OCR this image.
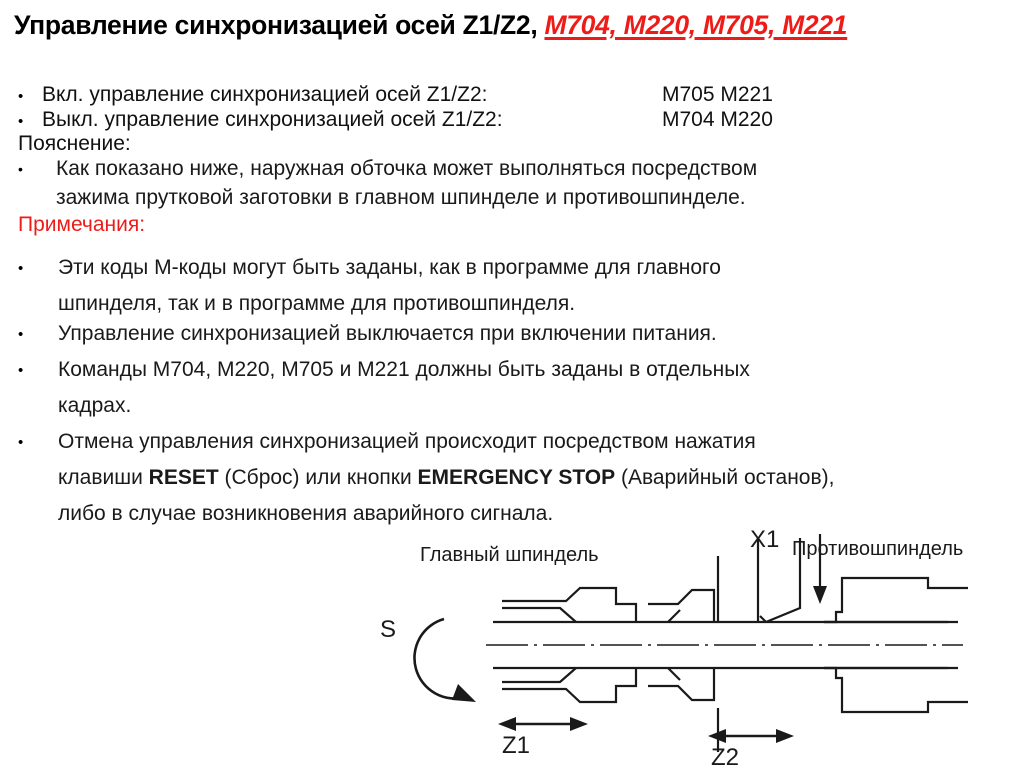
Управление синхронизацией осей Z1/Z2, M704, M220, M705, M221
• Вкл. управление синхронизацией осей Z1/Z2:	M705 M221
• Выкл. управление синхронизацией осей Z1/Z2:	M704 M220
Пояснение:
•	Как показано ниже, наружная обточка может выполняться посредством
зажима прутковой заготовки в главном шпинделе и противошпинделе.
Примечания:
•	Эти коды М-коды могут быть заданы, как в программе для главного
шпинделя, так и в программе для противошпинделя.
•	Управление синхронизацией выключается при включении питания.
•	Команды M704, M220, M705 и M221 должны быть заданы в отдельных
кадрах.
•	Отмена управления синхронизацией происходит посредством нажатия
клавиши RESET (Сброс) или кнопки EMERGENCY STOP (Аварийный останов),
либо в случае возникновения аварийного сигнала.
Главный шпиндель	Противошпиндель
X1
S
Z1	Z2
